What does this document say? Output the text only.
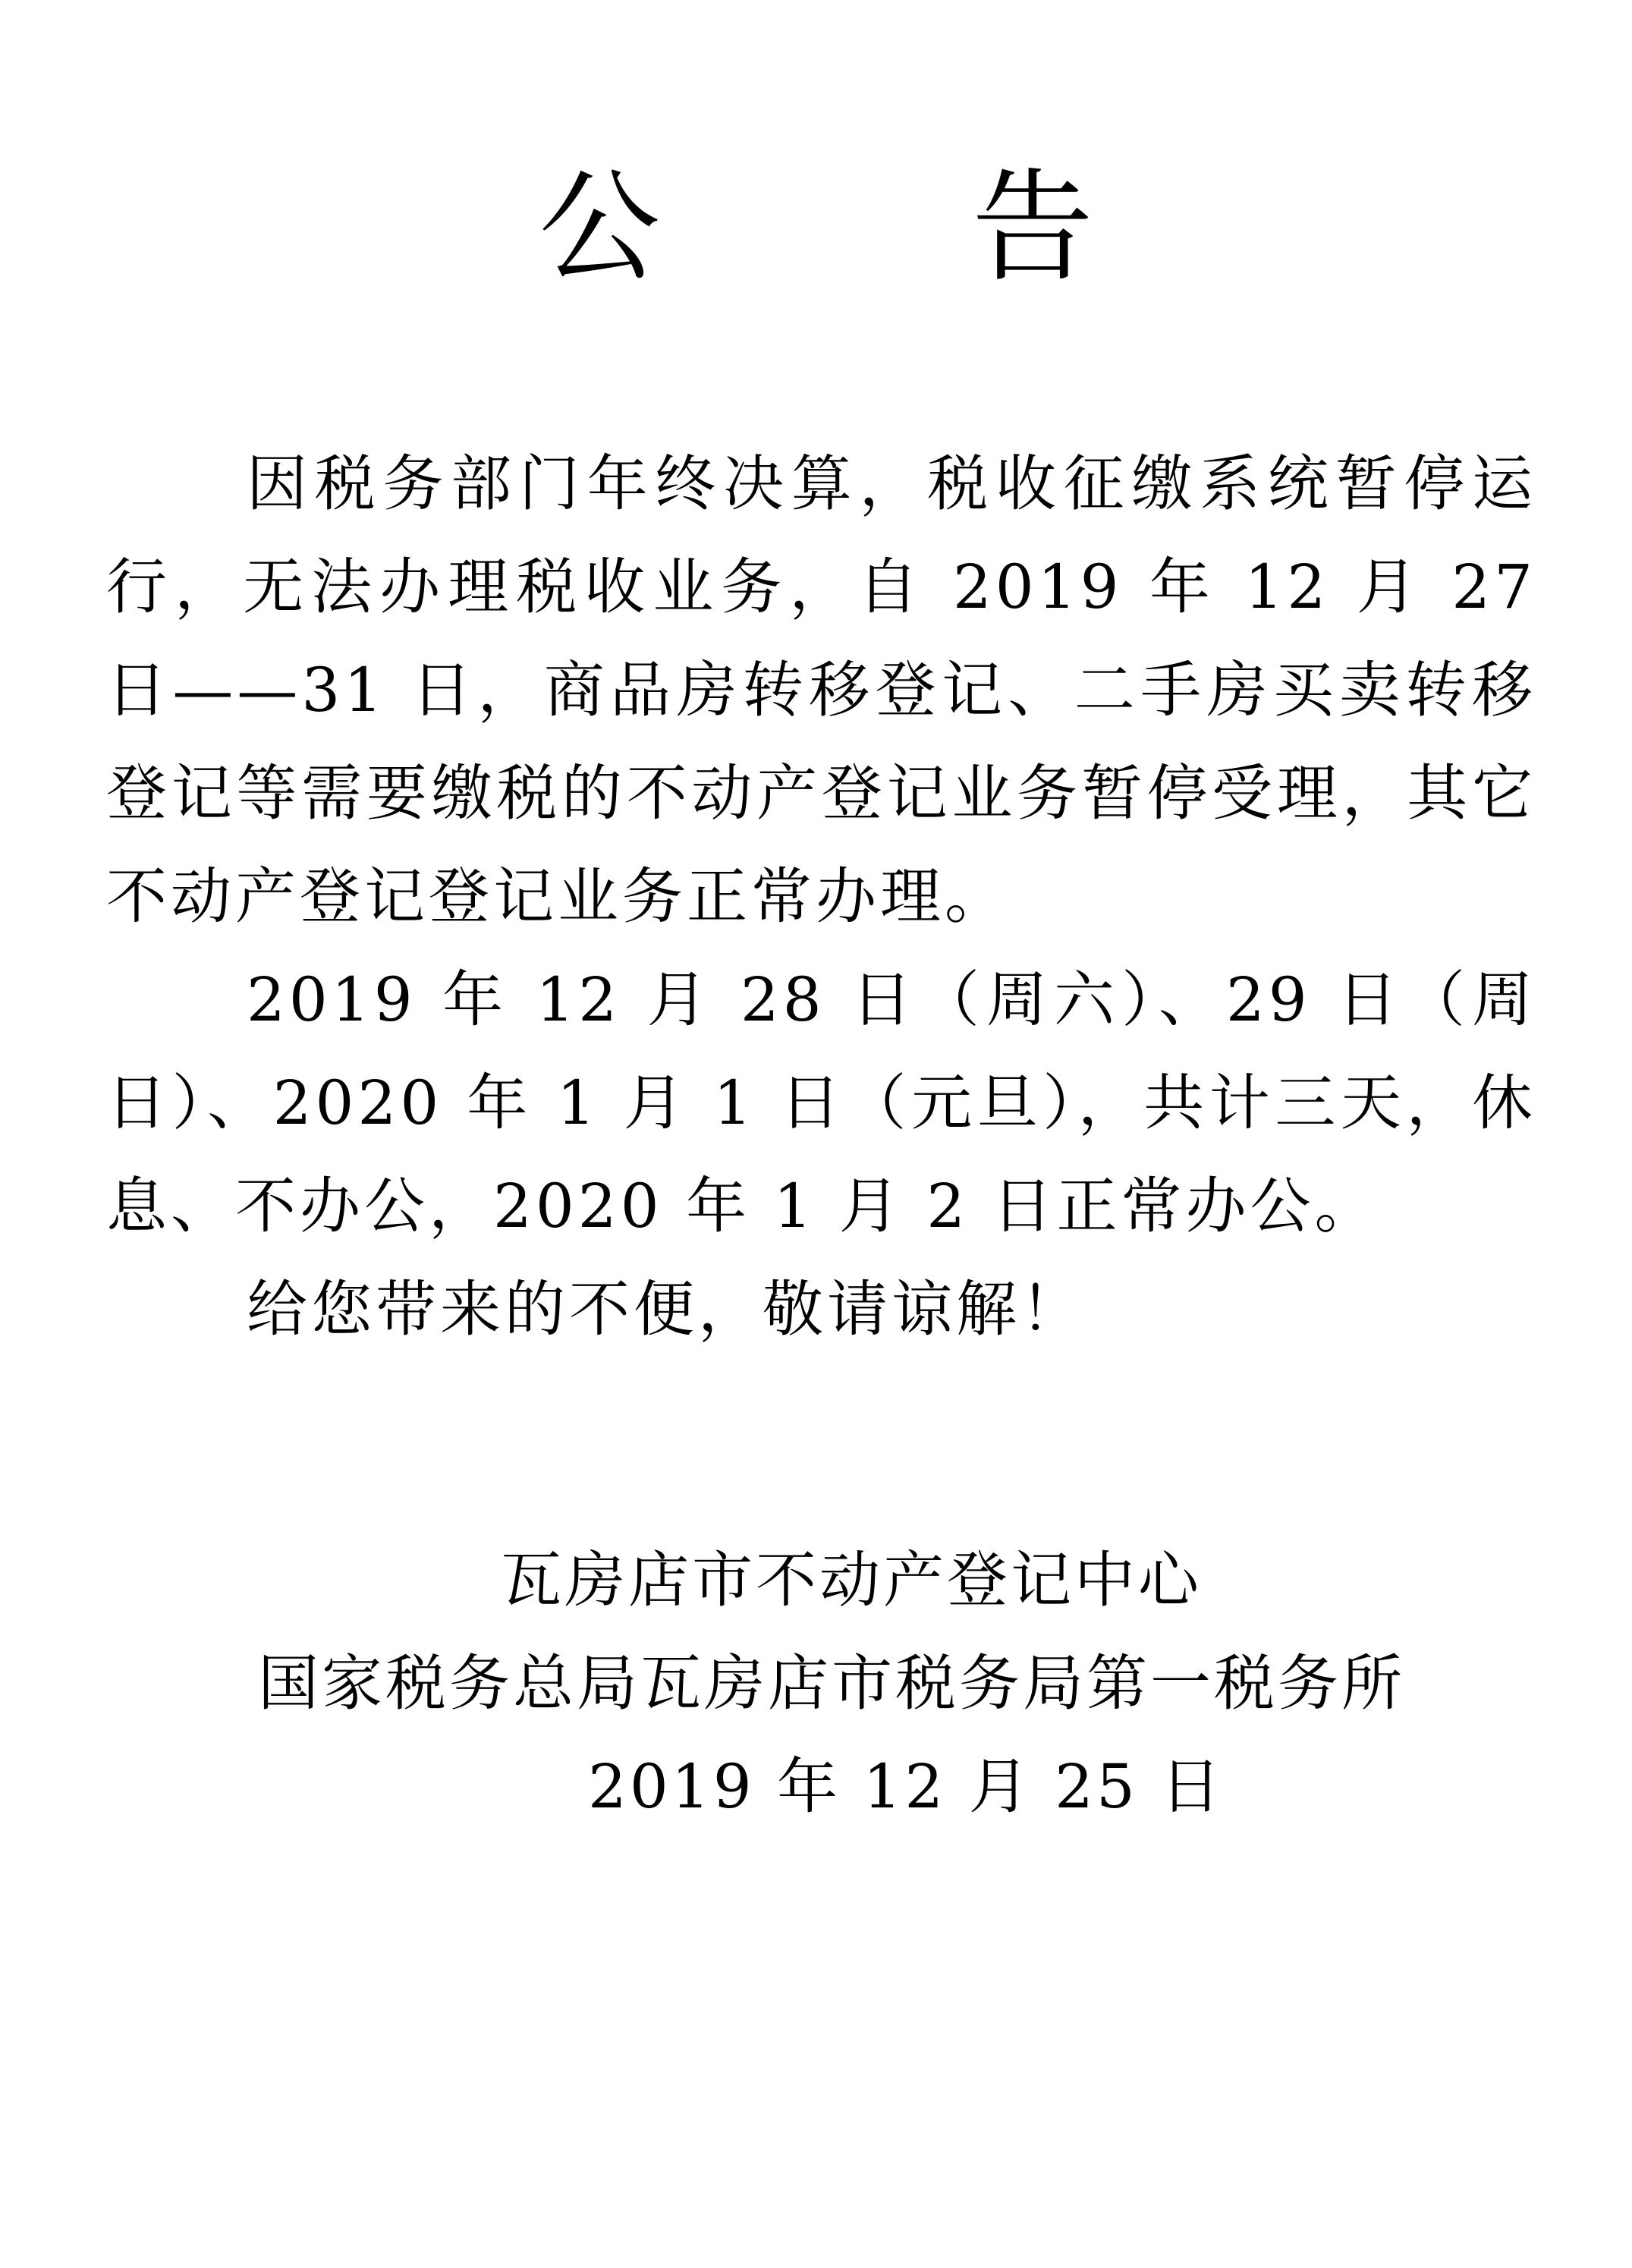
公 告

因税务部门年终决算，税收征缴系统暂停运行，无法办理税收业务，自 2019 年 12 月 27 日——31 日，商品房转移登记、二手房买卖转移登记等需要缴税的不动产登记业务暂停受理，其它不动产登记登记业务正常办理。

2019 年 12 月 28 日（周六）、29 日（周日）、2020 年 1 月 1 日（元旦），共计三天，休息、不办公，2020 年 1 月 2 日正常办公。

给您带来的不便，敬请谅解！

瓦房店市不动产登记中心
国家税务总局瓦房店市税务局第一税务所
2019 年 12 月 25 日
